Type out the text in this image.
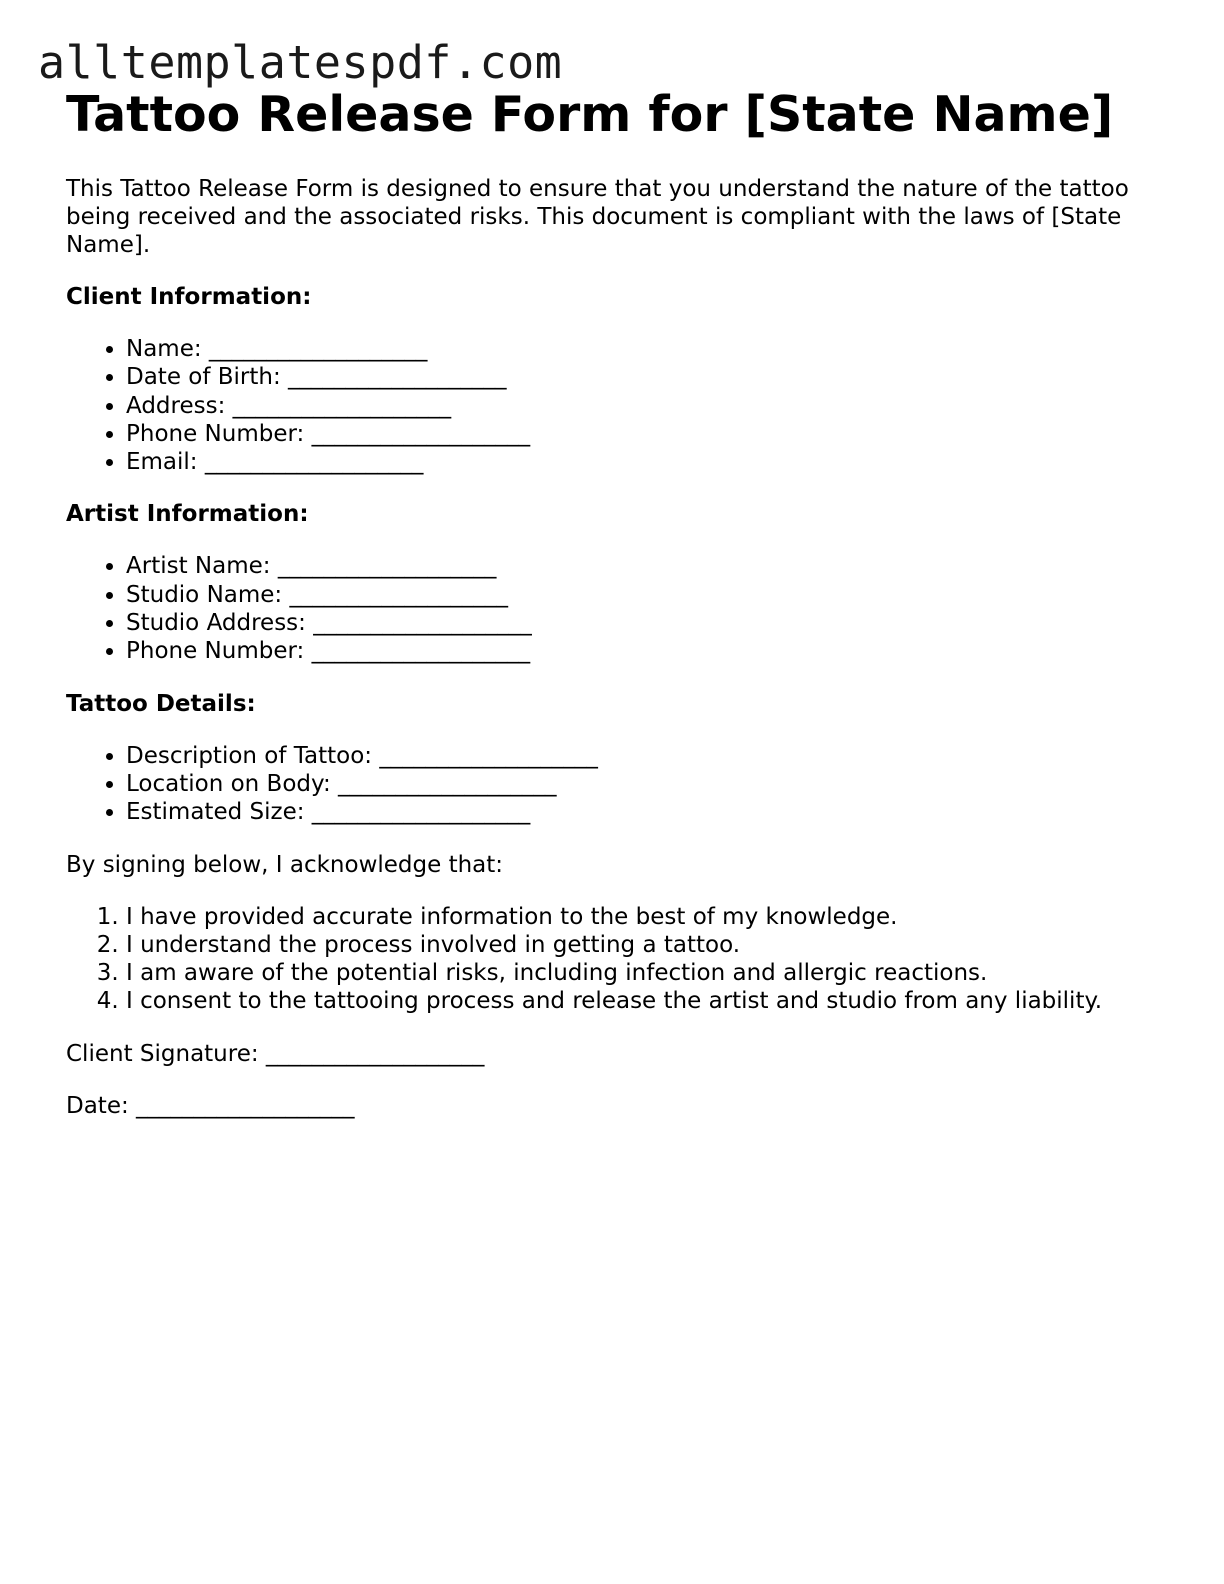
alltemplatespdf.com
Tattoo Release Form for [State Name]

This Tattoo Release Form is designed to ensure that you understand the nature of the tattoo being received and the associated risks. This document is compliant with the laws of [State Name].

Client Information:

• Name: ___________________
• Date of Birth: ___________________
• Address: ___________________
• Phone Number: ___________________
• Email: ___________________

Artist Information:

• Artist Name: ___________________
• Studio Name: ___________________
• Studio Address: ___________________
• Phone Number: ___________________

Tattoo Details:

• Description of Tattoo: ___________________
• Location on Body: ___________________
• Estimated Size: ___________________

By signing below, I acknowledge that:

1. I have provided accurate information to the best of my knowledge.
2. I understand the process involved in getting a tattoo.
3. I am aware of the potential risks, including infection and allergic reactions.
4. I consent to the tattooing process and release the artist and studio from any liability.

Client Signature: ___________________

Date: ___________________
